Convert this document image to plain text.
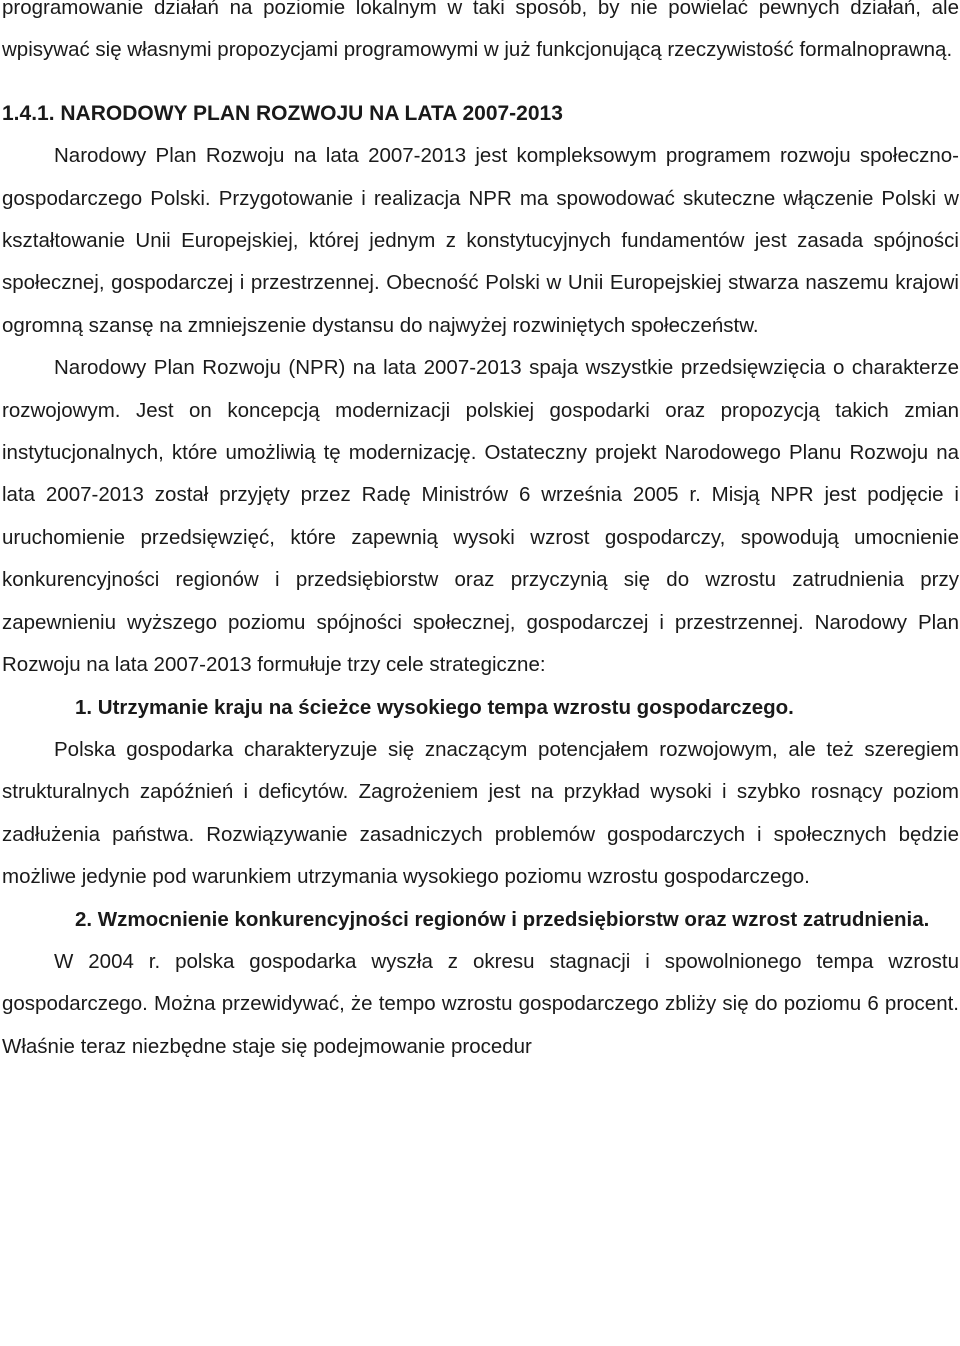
programowanie działań na poziomie lokalnym w taki sposób, by nie powielać pewnych działań, ale wpisywać się własnymi propozycjami programowymi w już funkcjonującą rzeczywistość formalnoprawną.

1.4.1. NARODOWY PLAN ROZWOJU NA LATA 2007-2013

Narodowy Plan Rozwoju na lata 2007-2013 jest kompleksowym programem rozwoju społeczno-gospodarczego Polski. Przygotowanie i realizacja NPR ma spowodować skuteczne włączenie Polski w kształtowanie Unii Europejskiej, której jednym z konstytucyjnych fundamentów jest zasada spójności społecznej, gospodarczej i przestrzennej. Obecność Polski w Unii Europejskiej stwarza naszemu krajowi ogromną szansę na zmniejszenie dystansu do najwyżej rozwiniętych społeczeństw.

Narodowy Plan Rozwoju (NPR) na lata 2007-2013 spaja wszystkie przedsięwzięcia o charakterze rozwojowym. Jest on koncepcją modernizacji polskiej gospodarki oraz propozycją takich zmian instytucjonalnych, które umożliwią tę modernizację. Ostateczny projekt Narodowego Planu Rozwoju na lata 2007-2013 został przyjęty przez Radę Ministrów 6 września 2005 r. Misją NPR jest podjęcie i uruchomienie przedsięwzięć, które zapewnią wysoki wzrost gospodarczy, spowodują umocnienie konkurencyjności regionów i przedsiębiorstw oraz przyczynią się do wzrostu zatrudnienia przy zapewnieniu wyższego poziomu spójności społecznej, gospodarczej i przestrzennej. Narodowy Plan Rozwoju na lata 2007-2013 formułuje trzy cele strategiczne:

1. Utrzymanie kraju na ścieżce wysokiego tempa wzrostu gospodarczego.

Polska gospodarka charakteryzuje się znaczącym potencjałem rozwojowym, ale też szeregiem strukturalnych zapóźnień i deficytów. Zagrożeniem jest na przykład wysoki i szybko rosnący poziom zadłużenia państwa. Rozwiązywanie zasadniczych problemów gospodarczych i społecznych będzie możliwe jedynie pod warunkiem utrzymania wysokiego poziomu wzrostu gospodarczego.

2. Wzmocnienie konkurencyjności regionów i przedsiębiorstw oraz wzrost zatrudnienia.

W 2004 r. polska gospodarka wyszła z okresu stagnacji i spowolnionego tempa wzrostu gospodarczego. Można przewidywać, że tempo wzrostu gospodarczego zbliży się do poziomu 6 procent. Właśnie teraz niezbędne staje się podejmowanie procedur
